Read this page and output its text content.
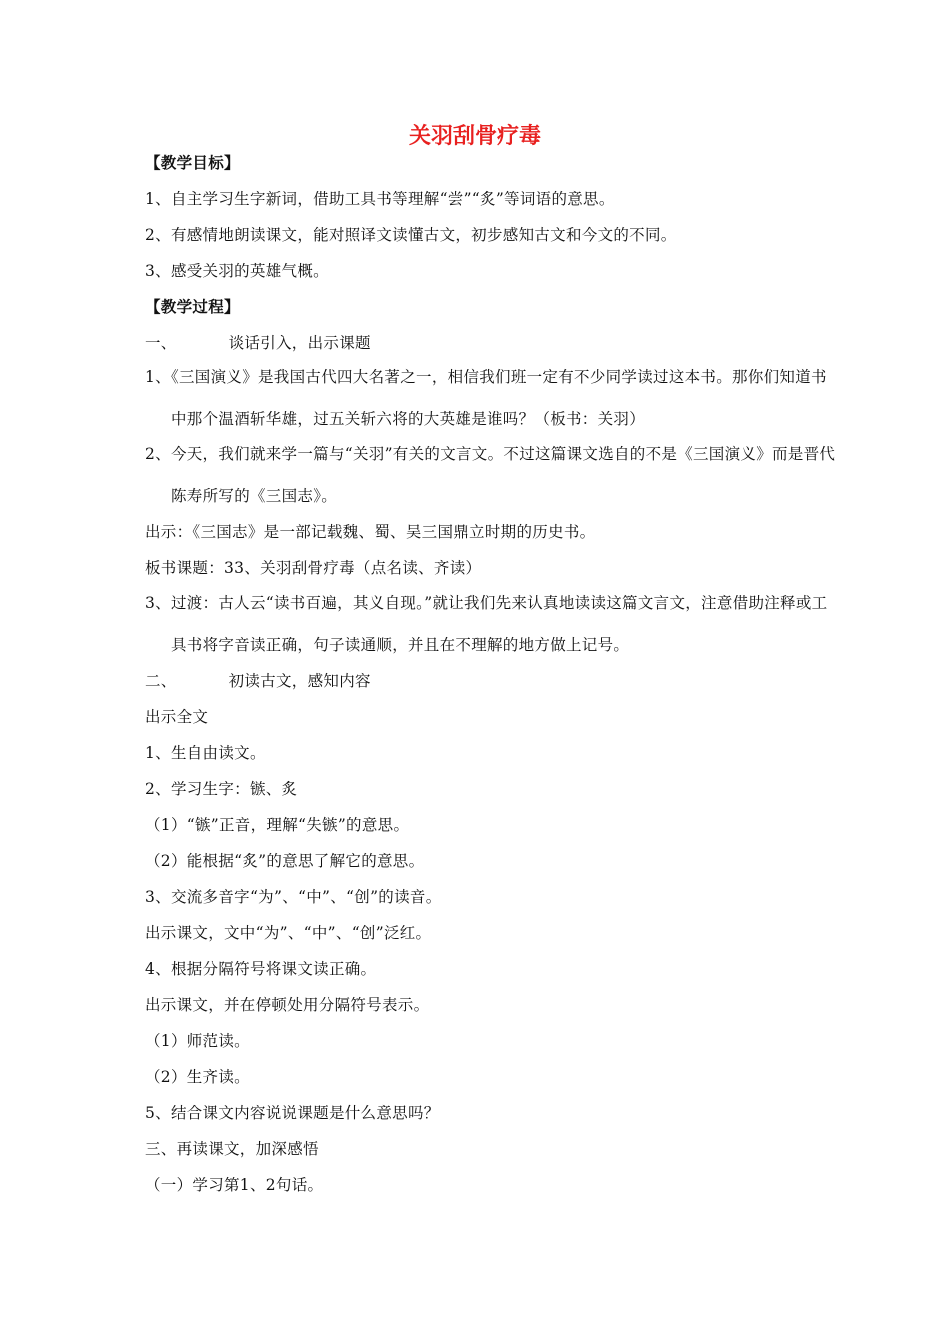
关羽刮骨疗毒
【教学目标】
1、自主学习生字新词，借助工具书等理解“尝”“炙”等词语的意思。
2、有感情地朗读课文，能对照译文读懂古文，初步感知古文和今文的不同。
3、感受关羽的英雄气概。
【教学过程】
一、	谈话引入，出示课题
1、《三国演义》是我国古代四大名著之一，相信我们班一定有不少同学读过这本书。那你们知道书中那个温酒斩华雄，过五关斩六将的大英雄是谁吗？（板书：关羽）
2、今天，我们就来学一篇与“关羽”有关的文言文。不过这篇课文选自的不是《三国演义》而是晋代陈寿所写的《三国志》。
出示：《三国志》是一部记载魏、蜀、吴三国鼎立时期的历史书。
板书课题：33、关羽刮骨疗毒（点名读、齐读）
3、过渡：古人云“读书百遍，其义自现。”就让我们先来认真地读读这篇文言文，注意借助注释或工具书将字音读正确，句子读通顺，并且在不理解的地方做上记号。
二、	初读古文，感知内容
出示全文
1、生自由读文。
2、学习生字：镞、炙
（1）“镞”正音，理解“失镞”的意思。
（2）能根据“炙”的意思了解它的意思。
3、交流多音字“为”、“中”、“创”的读音。
出示课文，文中“为”、“中”、“创”泛红。
4、根据分隔符号将课文读正确。
出示课文，并在停顿处用分隔符号表示。
（1）师范读。
（2）生齐读。
5、结合课文内容说说课题是什么意思吗？
三、再读课文，加深感悟
（一）学习第1、2句话。
